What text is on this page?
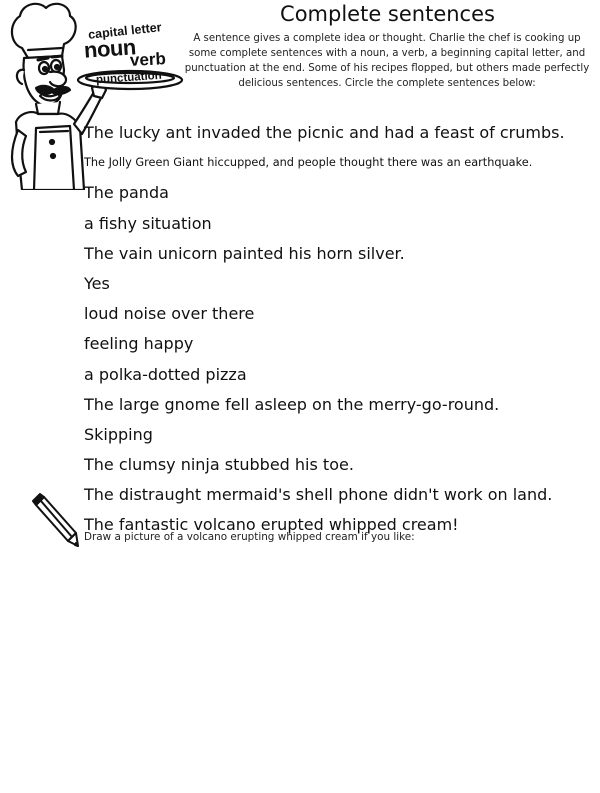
capital letter
noun
verb
punctuation
Complete sentences
A sentence gives a complete idea or thought. Charlie the chef is cooking up some complete sentences with a noun, a verb, a beginning capital letter, and punctuation at the end. Some of his recipes flopped, but others made perfectly delicious sentences. Circle the complete sentences below:
The lucky ant invaded the picnic and had a feast of crumbs.
The Jolly Green Giant hiccupped, and people thought there was an earthquake.
The panda
a fishy situation
The vain unicorn painted his horn silver.
Yes
loud noise over there
feeling happy
a polka-dotted pizza
The large gnome fell asleep on the merry-go-round.
Skipping
The clumsy ninja stubbed his toe.
The distraught mermaid's shell phone didn't work on land.
The fantastic volcano erupted whipped cream!
Draw a picture of a volcano erupting whipped cream if you like:
